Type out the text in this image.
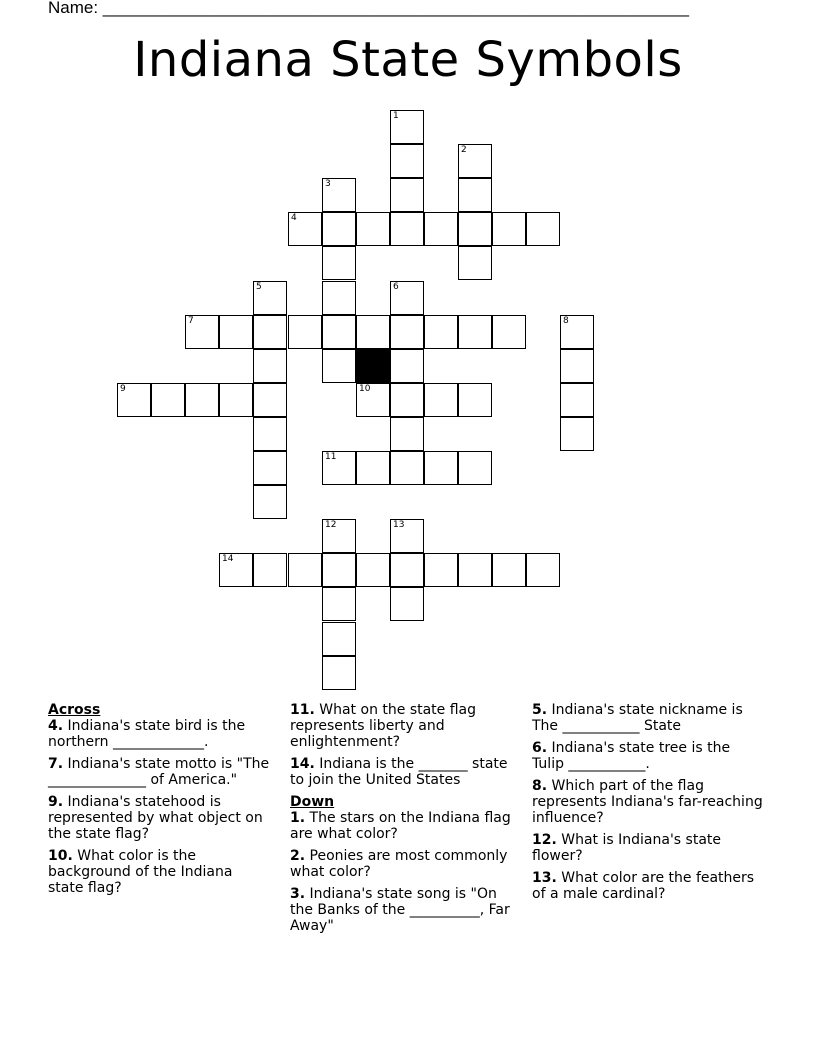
Name: ______________________________________________________________
Indiana State Symbols
1
2
3
4
5	6
7	8
9	10
11
12	13
14
Across
4. Indiana's state bird is the northern _____________.
7. Indiana's state motto is "The ______________ of America."
9. Indiana's statehood is represented by what object on the state flag?
10. What color is the background of the Indiana state flag?
11. What on the state flag represents liberty and enlightenment?
14. Indiana is the _______ state to join the United States
Down
1. The stars on the Indiana flag are what color?
2. Peonies are most commonly what color?
3. Indiana's state song is "On the Banks of the __________, Far Away"
5. Indiana's state nickname is The ___________ State
6. Indiana's state tree is the Tulip ___________.
8. Which part of the flag represents Indiana's far-reaching influence?
12. What is Indiana's state flower?
13. What color are the feathers of a male cardinal?
